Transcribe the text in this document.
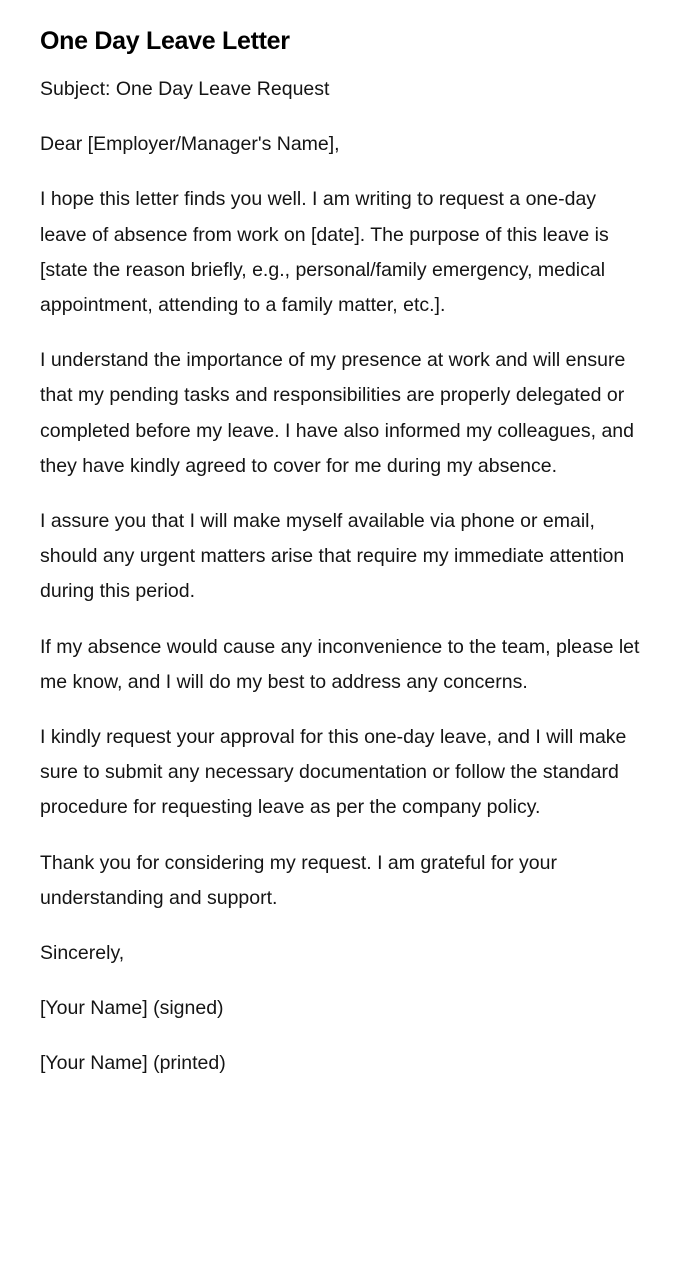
One Day Leave Letter

Subject: One Day Leave Request

Dear [Employer/Manager's Name],

I hope this letter finds you well. I am writing to request a one-day leave of absence from work on [date]. The purpose of this leave is [state the reason briefly, e.g., personal/family emergency, medical appointment, attending to a family matter, etc.].

I understand the importance of my presence at work and will ensure that my pending tasks and responsibilities are properly delegated or completed before my leave. I have also informed my colleagues, and they have kindly agreed to cover for me during my absence.

I assure you that I will make myself available via phone or email, should any urgent matters arise that require my immediate attention during this period.

If my absence would cause any inconvenience to the team, please let me know, and I will do my best to address any concerns.

I kindly request your approval for this one-day leave, and I will make sure to submit any necessary documentation or follow the standard procedure for requesting leave as per the company policy.

Thank you for considering my request. I am grateful for your understanding and support.

Sincerely,

[Your Name] (signed)

[Your Name] (printed)
